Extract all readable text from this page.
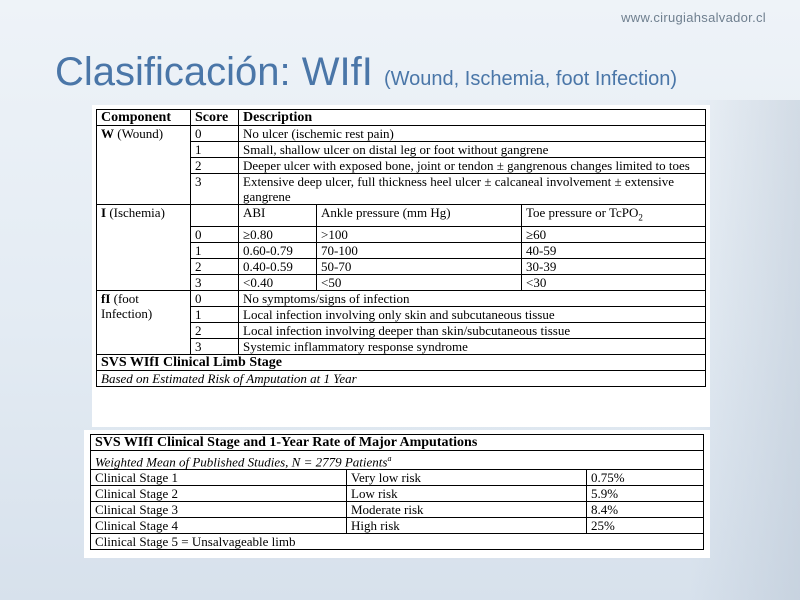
www.cirugiahsalvador.cl
Clasificación: WIfI (Wound, Ischemia, foot Infection)
Component	Score	Description		
W (Wound)	0	No ulcer (ischemic rest pain)		
	1	Small, shallow ulcer on distal leg or foot without gangrene		
	2	Deeper ulcer with exposed bone, joint or tendon ± gangrenous changes limited to toes		
	3	Extensive deep ulcer, full thickness heel ulcer ± calcaneal involvement ± extensive gangrene		
I (Ischemia)		ABI	Ankle pressure (mm Hg)	Toe pressure or TcPO$_2$
	0	≥0.80	>100	≥60
	1	0.60-0.79	70-100	40-59
	2	0.40-0.59	50-70	30-39
	3	<0.40	<50	<30
fI (foot Infection)	0	No symptoms/signs of infection		
	1	Local infection involving only skin and subcutaneous tissue		
	2	Local infection involving deeper than skin/subcutaneous tissue		
	3	Systemic inflammatory response syndrome		
SVS WIfI Clinical Limb Stage				
Based on Estimated Risk of Amputation at 1 Year				
SVS WIfI Clinical Stage and 1-Year Rate of Major Amputations		
Weighted Mean of Published Studies, N = 2779 Patients$^a$
Clinical Stage 1	Very low risk	0.75%
Clinical Stage 2	Low risk	5.9%
Clinical Stage 3	Moderate risk	8.4%
Clinical Stage 4	High risk	25%
Clinical Stage 5 = Unsalvageable limb		
